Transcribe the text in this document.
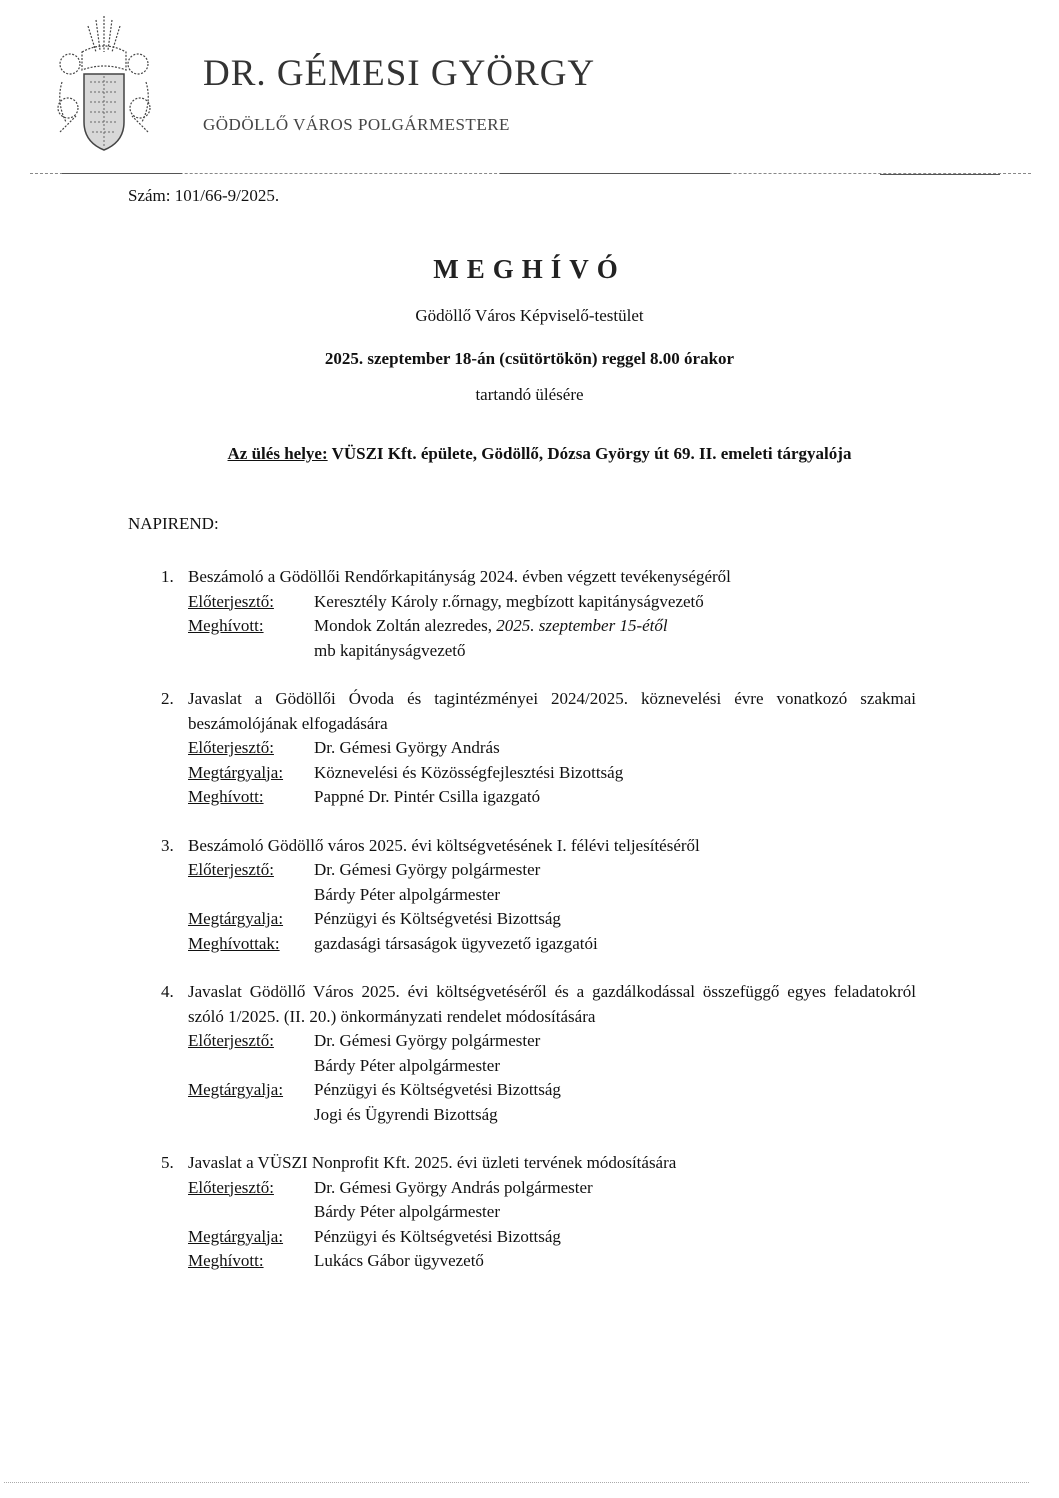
DR. GÉMESI GYÖRGY
GÖDÖLLŐ VÁROS POLGÁRMESTERE
Szám: 101/66-9/2025.
MEGHÍVÓ
Gödöllő Város Képviselő-testület
2025. szeptember 18-án (csütörtökön) reggel 8.00 órakor
tartandó ülésére
Az ülés helye: VÜSZI Kft. épülete, Gödöllő, Dózsa György út 69. II. emeleti tárgyalója
NAPIREND:
1. Beszámoló a Gödöllői Rendőrkapitányság 2024. évben végzett tevékenységéről
Előterjesztő:	Keresztély Károly r.őrnagy, megbízott kapitányságvezető
Meghívott:	Mondok Zoltán alezredes, 2025. szeptember 15-étől
mb kapitányságvezető
2. Javaslat a Gödöllői Óvoda és tagintézményei 2024/2025. köznevelési évre vonatkozó szakmai beszámolójának elfogadására
Előterjesztő:	Dr. Gémesi György András
Megtárgyalja:	Köznevelési és Közösségfejlesztési Bizottság
Meghívott:	Pappné Dr. Pintér Csilla igazgató
3. Beszámoló Gödöllő város 2025. évi költségvetésének I. félévi teljesítéséről
Előterjesztő:	Dr. Gémesi György polgármester
Bárdy Péter alpolgármester
Megtárgyalja:	Pénzügyi és Költségvetési Bizottság
Meghívottak:	gazdasági társaságok ügyvezető igazgatói
4. Javaslat Gödöllő Város 2025. évi költségvetéséről és a gazdálkodással összefüggő egyes feladatokról szóló 1/2025. (II. 20.) önkormányzati rendelet módosítására
Előterjesztő:	Dr. Gémesi György polgármester
Bárdy Péter alpolgármester
Megtárgyalja:	Pénzügyi és Költségvetési Bizottság
Jogi és Ügyrendi Bizottság
5. Javaslat a VÜSZI Nonprofit Kft. 2025. évi üzleti tervének módosítására
Előterjesztő:	Dr. Gémesi György András polgármester
Bárdy Péter alpolgármester
Megtárgyalja:	Pénzügyi és Költségvetési Bizottság
Meghívott:	Lukács Gábor ügyvezető
